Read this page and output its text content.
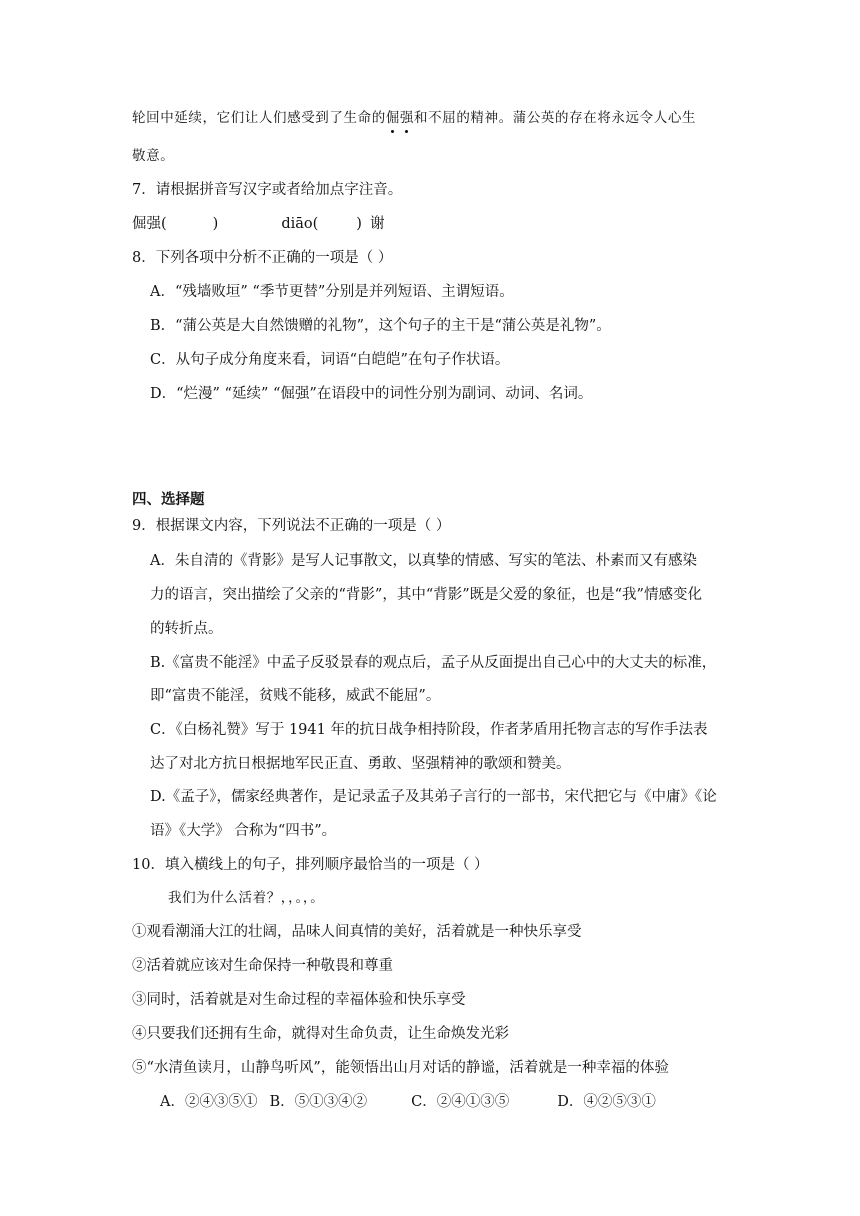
轮回中延续，它们让人们感受到了生命的倔强和不屈的精神。蒲公英的存在将永远令人心生
敬意。
7．请根据拼音写汉字或者给加点字注音。
倔强(	)	diāo(	) 谢
8．下列各项中分析不正确的一项是（ ）
A．“残墙败垣” “季节更替”分别是并列短语、主谓短语。
B．“蒲公英是大自然馈赠的礼物”，这个句子的主干是“蒲公英是礼物”。
C．从句子成分角度来看，词语“白皑皑”在句子作状语。
D．“烂漫” “延续” “倔强”在语段中的词性分别为副词、动词、名词。
四、选择题
9．根据课文内容，下列说法不正确的一项是（ ）
A．朱自清的《背影》是写人记事散文，以真挚的情感、写实的笔法、朴素而又有感染
力的语言，突出描绘了父亲的“背影”，其中“背影”既是父爱的象征，也是“我”情感变化
的转折点。
B.《富贵不能淫》中孟子反驳景春的观点后，孟子从反面提出自己心中的大丈夫的标准，
即“富贵不能淫，贫贱不能移，威武不能屈”。
C．《白杨礼赞》写于 1941 年的抗日战争相持阶段，作者茅盾用托物言志的写作手法表
达了对北方抗日根据地军民正直、勇敢、坚强精神的歌颂和赞美。
D.《孟子》，儒家经典著作，是记录孟子及其弟子言行的一部书，宋代把它与《中庸》《论
语》《大学》 合称为“四书”。
10．填入横线上的句子，排列顺序最恰当的一项是（ ）
我们为什么活着？，，。，。
①观看潮涌大江的壮阔，品味人间真情的美好，活着就是一种快乐享受
②活着就应该对生命保持一种敬畏和尊重
③同时，活着就是对生命过程的幸福体验和快乐享受
④只要我们还拥有生命，就得对生命负责，让生命焕发光彩
⑤“水清鱼读月，山静鸟听风”，能领悟出山月对话的静谧，活着就是一种幸福的体验
A．②④③⑤① B．⑤①③④②	C．②④①③⑤	D．④②⑤③①
